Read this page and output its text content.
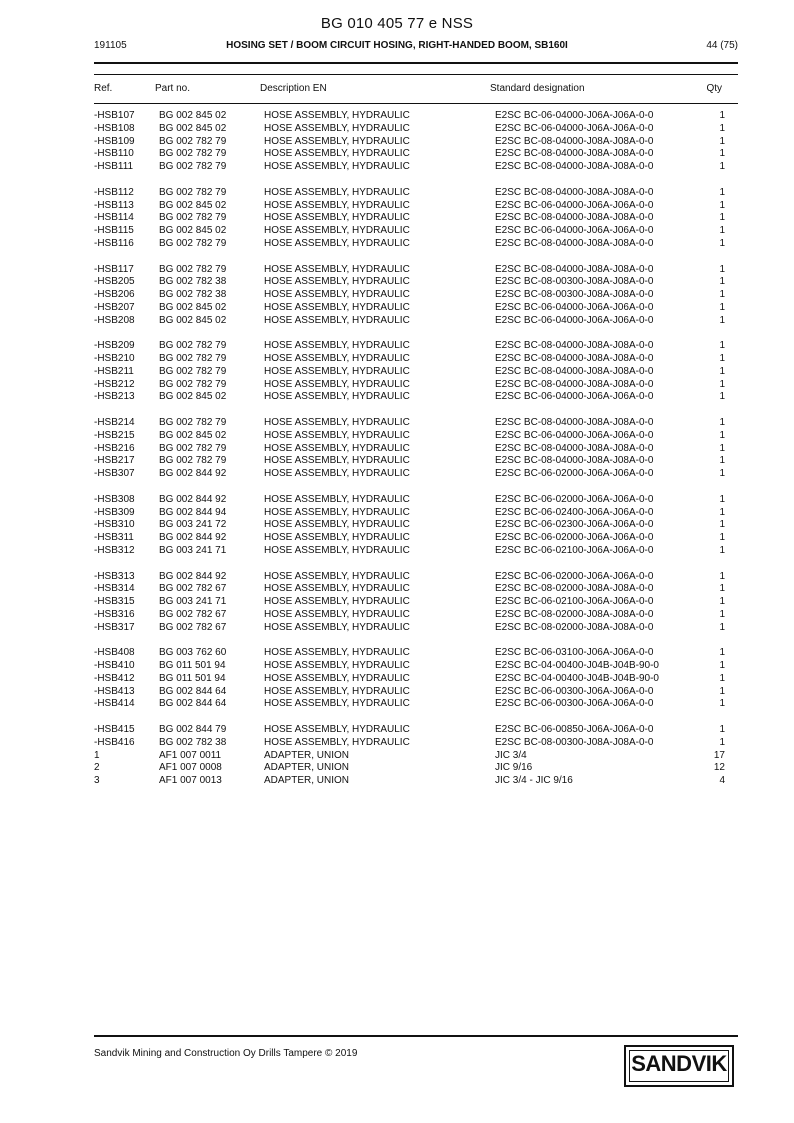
BG 010 405 77 e NSS
191105	HOSING SET / BOOM CIRCUIT HOSING, RIGHT-HANDED BOOM, SB160I	44 (75)
Ref.	Part no.	Description EN	Standard designation	Qty
-HSB107 BG 002 845 02	HOSE ASSEMBLY, HYDRAULIC	E2SC BC-06-04000-J06A-J06A-0-0	1
-HSB108 BG 002 845 02	HOSE ASSEMBLY, HYDRAULIC	E2SC BC-06-04000-J06A-J06A-0-0	1
-HSB109 BG 002 782 79	HOSE ASSEMBLY, HYDRAULIC	E2SC BC-08-04000-J08A-J08A-0-0	1
-HSB110	BG 002 782 79	HOSE ASSEMBLY, HYDRAULIC	E2SC BC-08-04000-J08A-J08A-0-0	1
-HSB111	BG 002 782 79	HOSE ASSEMBLY, HYDRAULIC	E2SC BC-08-04000-J08A-J08A-0-0	1
-HSB112	BG 002 782 79	HOSE ASSEMBLY, HYDRAULIC	E2SC BC-08-04000-J08A-J08A-0-0	1
-HSB113	BG 002 845 02	HOSE ASSEMBLY, HYDRAULIC	E2SC BC-06-04000-J06A-J06A-0-0	1
-HSB114	BG 002 782 79	HOSE ASSEMBLY, HYDRAULIC	E2SC BC-08-04000-J08A-J08A-0-0	1
-HSB115	BG 002 845 02	HOSE ASSEMBLY, HYDRAULIC	E2SC BC-06-04000-J06A-J06A-0-0	1
-HSB116	BG 002 782 79	HOSE ASSEMBLY, HYDRAULIC	E2SC BC-08-04000-J08A-J08A-0-0	1
-HSB117	BG 002 782 79	HOSE ASSEMBLY, HYDRAULIC	E2SC BC-08-04000-J08A-J08A-0-0	1
-HSB205 BG 002 782 38	HOSE ASSEMBLY, HYDRAULIC	E2SC BC-08-00300-J08A-J08A-0-0	1
-HSB206 BG 002 782 38	HOSE ASSEMBLY, HYDRAULIC	E2SC BC-08-00300-J08A-J08A-0-0	1
-HSB207 BG 002 845 02	HOSE ASSEMBLY, HYDRAULIC	E2SC BC-06-04000-J06A-J06A-0-0	1
-HSB208 BG 002 845 02	HOSE ASSEMBLY, HYDRAULIC	E2SC BC-06-04000-J06A-J06A-0-0	1
-HSB209 BG 002 782 79	HOSE ASSEMBLY, HYDRAULIC	E2SC BC-08-04000-J08A-J08A-0-0	1
-HSB210 BG 002 782 79	HOSE ASSEMBLY, HYDRAULIC	E2SC BC-08-04000-J08A-J08A-0-0	1
-HSB211	BG 002 782 79	HOSE ASSEMBLY, HYDRAULIC	E2SC BC-08-04000-J08A-J08A-0-0	1
-HSB212 BG 002 782 79	HOSE ASSEMBLY, HYDRAULIC	E2SC BC-08-04000-J08A-J08A-0-0	1
-HSB213 BG 002 845 02	HOSE ASSEMBLY, HYDRAULIC	E2SC BC-06-04000-J06A-J06A-0-0	1
-HSB214 BG 002 782 79	HOSE ASSEMBLY, HYDRAULIC	E2SC BC-08-04000-J08A-J08A-0-0	1
-HSB215 BG 002 845 02	HOSE ASSEMBLY, HYDRAULIC	E2SC BC-06-04000-J06A-J06A-0-0	1
-HSB216 BG 002 782 79	HOSE ASSEMBLY, HYDRAULIC	E2SC BC-08-04000-J08A-J08A-0-0	1
-HSB217 BG 002 782 79	HOSE ASSEMBLY, HYDRAULIC	E2SC BC-08-04000-J08A-J08A-0-0	1
-HSB307 BG 002 844 92	HOSE ASSEMBLY, HYDRAULIC	E2SC BC-06-02000-J06A-J06A-0-0	1
-HSB308 BG 002 844 92	HOSE ASSEMBLY, HYDRAULIC	E2SC BC-06-02000-J06A-J06A-0-0	1
-HSB309 BG 002 844 94	HOSE ASSEMBLY, HYDRAULIC	E2SC BC-06-02400-J06A-J06A-0-0	1
-HSB310 BG 003 241 72	HOSE ASSEMBLY, HYDRAULIC	E2SC BC-06-02300-J06A-J06A-0-0	1
-HSB311	BG 002 844 92	HOSE ASSEMBLY, HYDRAULIC	E2SC BC-06-02000-J06A-J06A-0-0	1
-HSB312 BG 003 241 71	HOSE ASSEMBLY, HYDRAULIC	E2SC BC-06-02100-J06A-J06A-0-0	1
-HSB313 BG 002 844 92	HOSE ASSEMBLY, HYDRAULIC	E2SC BC-06-02000-J06A-J06A-0-0	1
-HSB314 BG 002 782 67	HOSE ASSEMBLY, HYDRAULIC	E2SC BC-08-02000-J08A-J08A-0-0	1
-HSB315 BG 003 241 71	HOSE ASSEMBLY, HYDRAULIC	E2SC BC-06-02100-J06A-J06A-0-0	1
-HSB316 BG 002 782 67	HOSE ASSEMBLY, HYDRAULIC	E2SC BC-08-02000-J08A-J08A-0-0	1
-HSB317 BG 002 782 67	HOSE ASSEMBLY, HYDRAULIC	E2SC BC-08-02000-J08A-J08A-0-0	1
-HSB408 BG 003 762 60	HOSE ASSEMBLY, HYDRAULIC	E2SC BC-06-03100-J06A-J06A-0-0	1
-HSB410 BG 011 501 94	HOSE ASSEMBLY, HYDRAULIC	E2SC BC-04-00400-J04B-J04B-90-0	1
-HSB412 BG 011 501 94	HOSE ASSEMBLY, HYDRAULIC	E2SC BC-04-00400-J04B-J04B-90-0	1
-HSB413 BG 002 844 64	HOSE ASSEMBLY, HYDRAULIC	E2SC BC-06-00300-J06A-J06A-0-0	1
-HSB414 BG 002 844 64	HOSE ASSEMBLY, HYDRAULIC	E2SC BC-06-00300-J06A-J06A-0-0	1
-HSB415 BG 002 844 79	HOSE ASSEMBLY, HYDRAULIC	E2SC BC-06-00850-J06A-J06A-0-0	1
-HSB416 BG 002 782 38	HOSE ASSEMBLY, HYDRAULIC	E2SC BC-08-00300-J08A-J08A-0-0	1
1	AF1 007 0011	ADAPTER, UNION	JIC 3/4	17
2	AF1 007 0008	ADAPTER, UNION	JIC 9/16	12
3	AF1 007 0013	ADAPTER, UNION	JIC 3/4 - JIC 9/16	4
Sandvik Mining and Construction Oy Drills Tampere © 2019	SANDVIK
